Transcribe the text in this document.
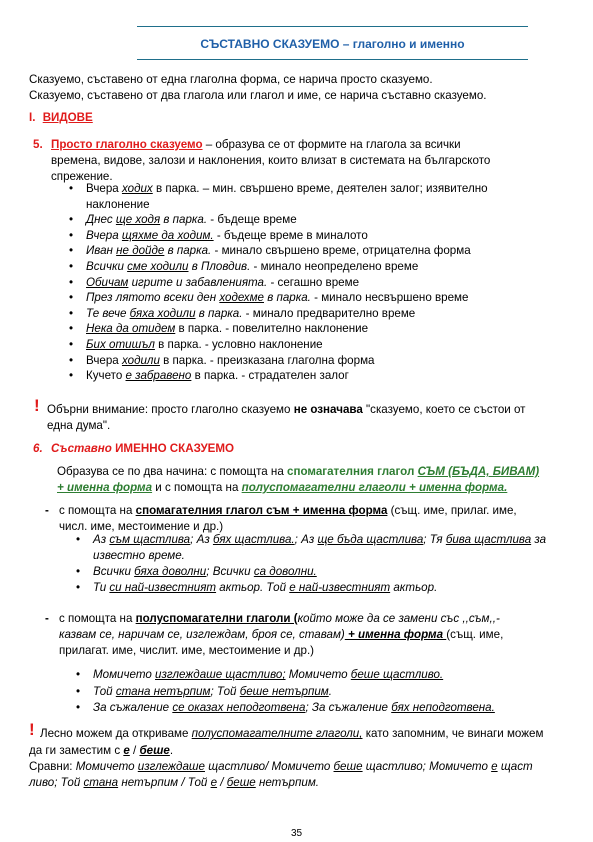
СЪСТАВНО СКАЗУЕМО – глаголно и именно
Сказуемо, съставено от една глаголна форма, се нарича просто сказуемо.
Сказуемо, съставено от два глагола или глагол и име, се нарича съставно сказуемо.
I. ВИДОВЕ
5. Просто глаголно сказуемо – образува се от формите на глагола за всички
времена, видове, залози и наклонения, които влизат в системата на българското
спрежение.
• Вчера ходих в парка. – мин. свършено време, деятелен залог; изявително
наклонение
• Днес ще ходя в парка. - бъдеще време
• Вчера щяхме да ходим. - бъдеще време в миналото
• Иван не дойде в парка. - минало свършено време, отрицателна форма
• Всички сме ходили в Пловдив. - минало неопределено време
• Обичам игрите и забавленията. - сегашно време
• През лятото всеки ден ходехме в парка. - минало несвършено време
• Те вече бяха ходили в парка. - минало предварително време
• Нека да отидем в парка. - повелително наклонение
• Бих отишъл в парка. - условно наклонение
• Вчера ходили в парка. - преизказана глаголна форма
• Кучето е забравено в парка. - страдателен залог
! Обърни внимание: просто глаголно сказуемо не означава "сказуемо, което се състои от
една дума".
6. Съставно ИМЕННО СКАЗУЕМО
Образува се по два начина: с помощта на спомагателния глагол СЪМ (БЪДА, БИВАМ)
+ именна форма и с помощта на полуспомагателни глаголи + именна форма.
- с помощта на спомагателния глагол съм + именна форма (същ. име, прилаг. име,
числ. име, местоимение и др.)
• Аз съм щастлива; Аз бях щастлива.; Аз ще бъда щастлива; Тя бива щастлива за
известно време.
• Всички бяха доволни; Всички са доволни.
• Ти си най-известният актьор. Той е най-известният актьор.
- с помощта на полуспомагателни глаголи (който може да се замени със ,,съм,,-
казвам се, наричам се, изглеждам, броя се, ставам) + именна форма (същ. име,
прилагат. име, числит. име, местоимение и др.)
• Момичето изглеждаше щастливо; Момичето беше щастливо.
• Той стана нетърпим; Той беше нетърпим.
• За съжаление се оказах неподготвена; За съжаление бях неподготвена.
! Лесно можем да откриваме полуспомагателните глаголи, като запомним, че винаги можем
да ги заместим с е / беше.
Сравни: Момичето изглеждаше щастливо/ Момичето беше щастливо; Момичето е щаст
ливо; Той стана нетърпим / Той е / беше нетърпим.
35
